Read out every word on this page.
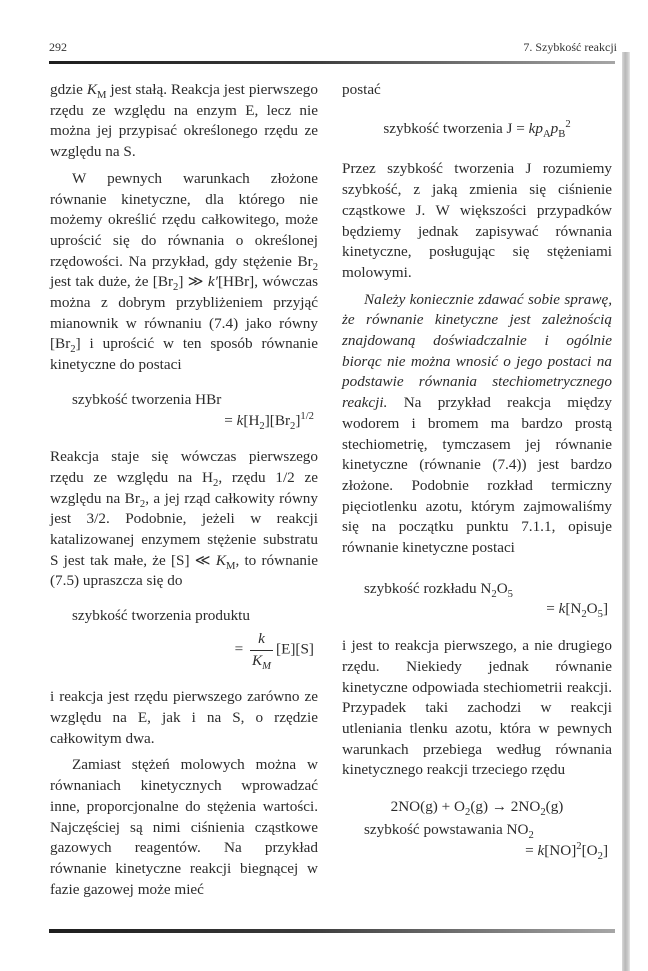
292	7. Szybkość reakcji

gdzie $K_M$ jest stałą. Reakcja jest pierwszego rzędu ze względu na enzym E, lecz nie można jej przypisać określonego rzędu ze względu na S.

W pewnych warunkach złożone równanie kinetyczne, dla którego nie możemy określić rzędu całkowitego, może uprościć się do równania o określonej rzędowości. Na przykład, gdy stężenie $Br_2$ jest tak duże, że $[Br_2]$ ≫ k′[HBr], wówczas można z dobrym przybliżeniem przyjąć mianownik w równaniu (7.4) jako równy $[Br_2]$ i uprościć w ten sposób równanie kinetyczne do postaci

szybkość tworzenia HBr
= $k[H_2][Br_2]^{1/2}$

Reakcja staje się wówczas pierwszego rzędu ze względu na $H_2$, rzędu 1/2 ze względu na $Br_2$, a jej rząd całkowity równy jest 3/2. Podobnie, jeżeli w reakcji katalizowanej enzymem stężenie substratu S jest tak małe, że [S] ≪ $K_M$, to równanie (7.5) upraszcza się do

szybkość tworzenia produktu
= $\frac{k}{K_M} [E][S]$

i reakcja jest rzędu pierwszego zarówno ze względu na E, jak i na S, o rzędzie całkowitym dwa.

Zamiast stężeń molowych można w równaniach kinetycznych wprowadzać inne, proporcjonalne do stężenia wartości. Najczęściej są nimi ciśnienia cząstkowe gazowych reagentów. Na przykład równanie kinetyczne reakcji biegnącej w fazie gazowej może mieć

postać

szybkość tworzenia $J = kp_Ap_B^2$

Przez szybkość tworzenia J rozumiemy szybkość, z jaką zmienia się ciśnienie cząstkowe J. W większości przypadków będziemy jednak zapisywać równania kinetyczne, posługując się stężeniami molowymi.

Należy koniecznie zdawać sobie sprawę, że równanie kinetyczne jest zależnością znajdowaną doświadczalnie i ogólnie biorąc nie można wnosić o jego postaci na podstawie równania stechiometrycznego reakcji. Na przykład reakcja między wodorem i bromem ma bardzo prostą stechiometrię, tymczasem jej równanie kinetyczne (równanie (7.4)) jest bardzo złożone. Podobnie rozkład termiczny pięciotlenku azotu, którym zajmowaliśmy się na początku punktu 7.1.1, opisuje równanie kinetyczne postaci

szybkość rozkładu $N_2O_5$
= $k[N_2O_5]$

i jest to reakcja pierwszego, a nie drugiego rzędu. Niekiedy jednak równanie kinetyczne odpowiada stechiometrii reakcji. Przypadek taki zachodzi w reakcji utleniania tlenku azotu, która w pewnych warunkach przebiega według równania kinetycznego reakcji trzeciego rzędu

$2NO(g) + O_2(g) \to 2NO_2(g)$
szybkość powstawania $NO_2$
= $k[NO]^2[O_2]$
